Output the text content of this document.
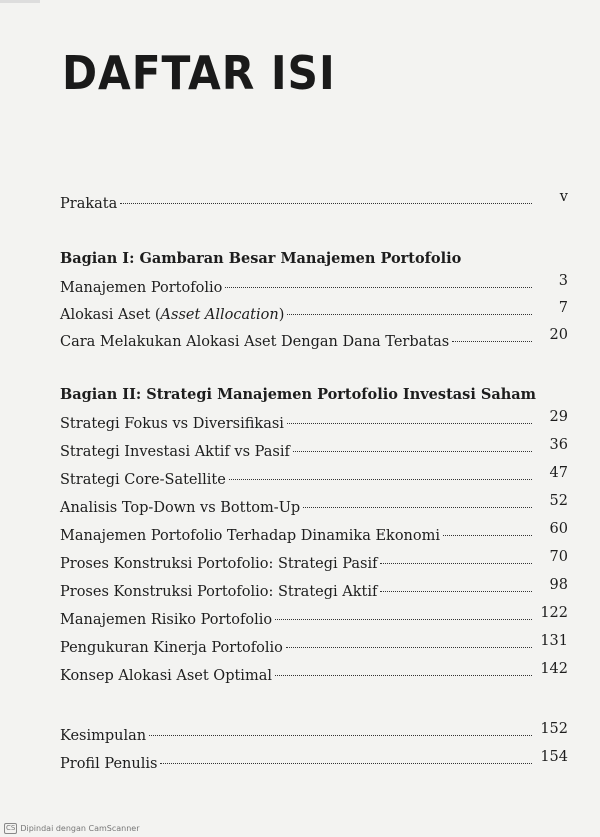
DAFTAR ISI
Prakata	v
Bagian I: Gambaran Besar Manajemen Portofolio
Manajemen Portofolio	3
Alokasi Aset (Asset Allocation)	7
Cara Melakukan Alokasi Aset Dengan Dana Terbatas	20
Bagian II: Strategi Manajemen Portofolio Investasi Saham
Strategi Fokus vs Diversifikasi	29
Strategi Investasi Aktif vs Pasif	36
Strategi Core-Satellite	47
Analisis Top-Down vs Bottom-Up	52
Manajemen Portofolio Terhadap Dinamika Ekonomi	60
Proses Konstruksi Portofolio: Strategi Pasif	70
Proses Konstruksi Portofolio: Strategi Aktif	98
Manajemen Risiko Portofolio	122
Pengukuran Kinerja Portofolio	131
Konsep Alokasi Aset Optimal	142
Kesimpulan	152
Profil Penulis	154
CS Dipindai dengan CamScanner
